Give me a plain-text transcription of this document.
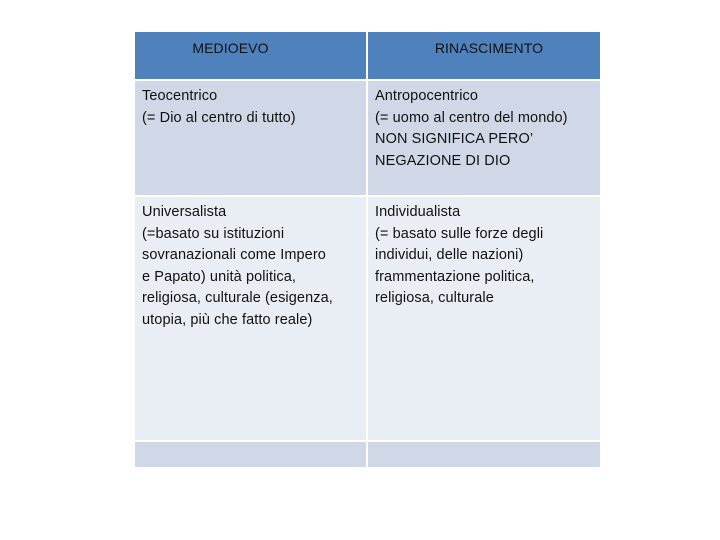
MEDIOEVO	RINASCIMENTO
Teocentrico
(= Dio al centro di tutto)
Antropocentrico
(= uomo al centro del mondo)
NON SIGNIFICA PERO’
NEGAZIONE DI DIO
Universalista
(=basato su istituzioni
sovranazionali come Impero
e Papato) unità politica,
religiosa, culturale (esigenza,
utopia, più che fatto reale)
Individualista
(= basato sulle forze degli
individui, delle nazioni)
frammentazione politica,
religiosa, culturale
